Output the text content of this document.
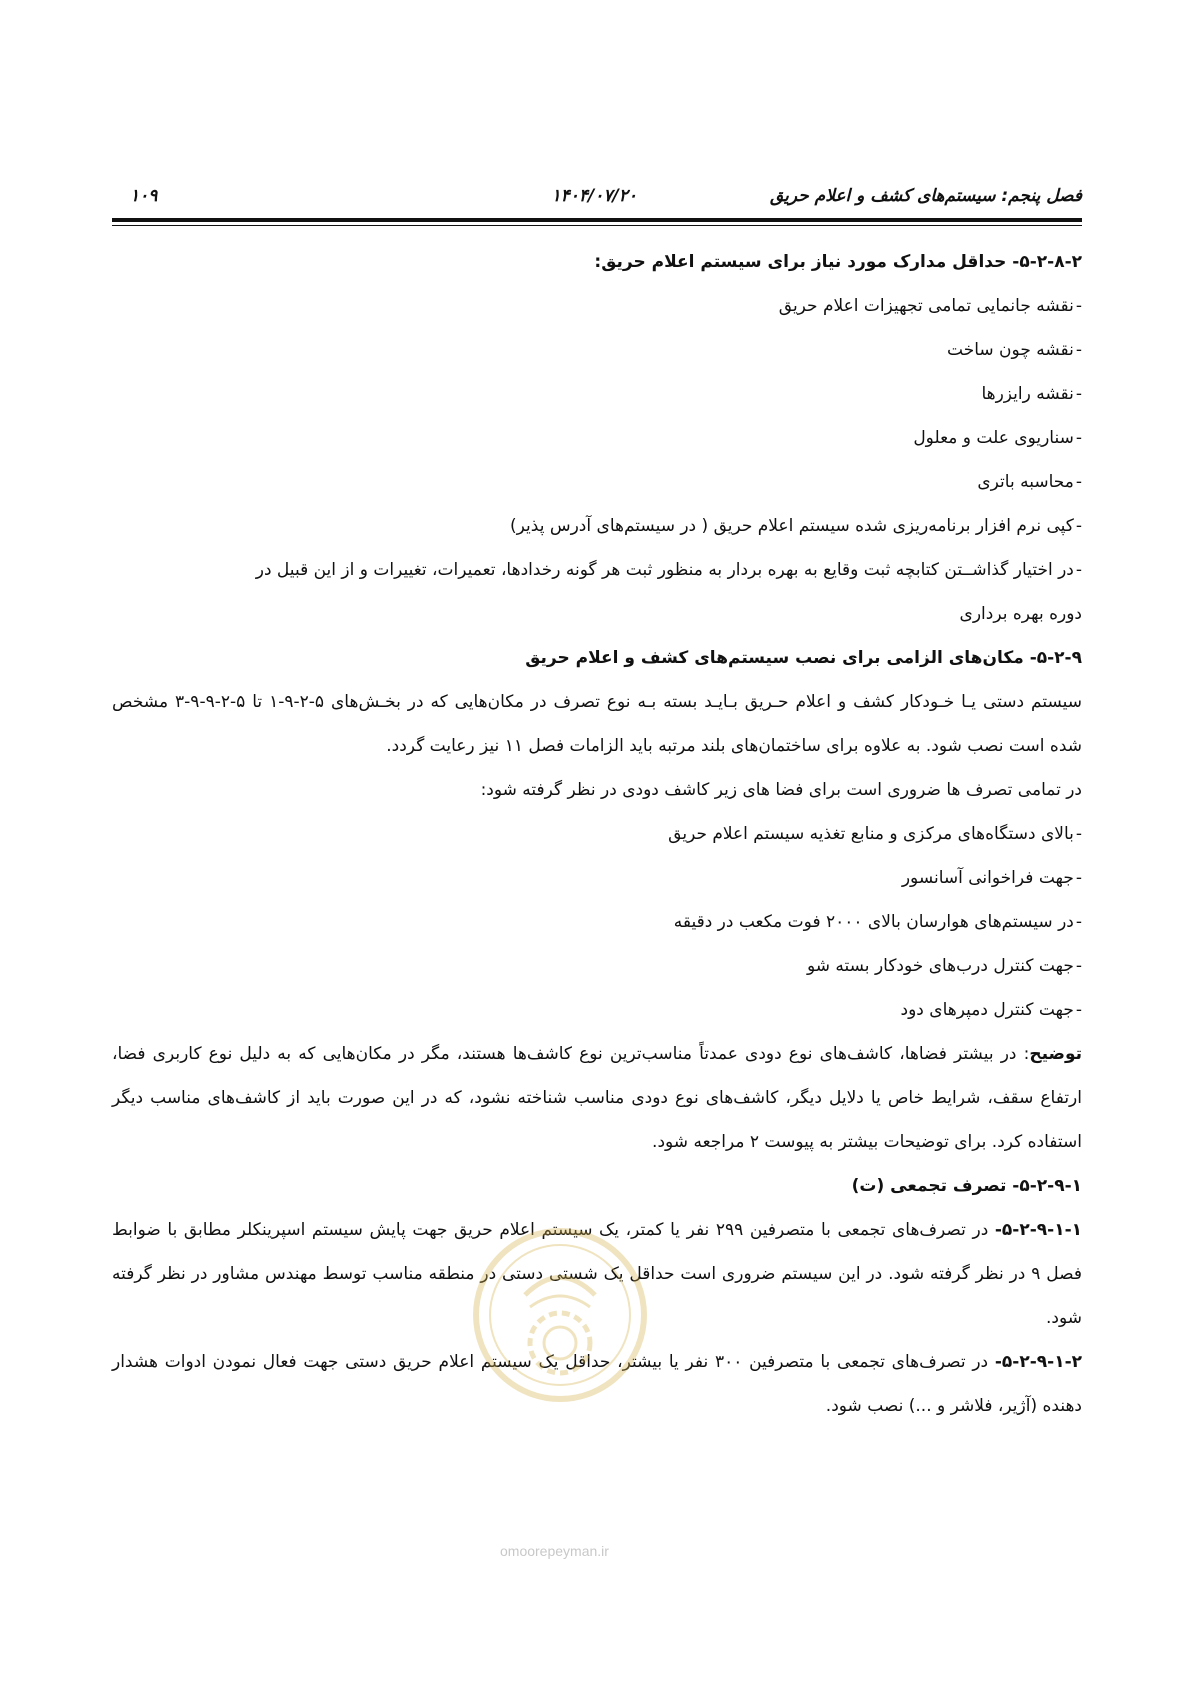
فصل پنجم: سیستم‌های کشف و اعلام حریق
۱۴۰۴/۰۷/۲۰
۱۰۹
۵-۲-۸-۲- حداقل مدارک مورد نیاز برای سیستم اعلام حریق:
-نقشه جانمایی تمامی تجهیزات اعلام حریق
-نقشه چون ساخت
-نقشه رایزرها
-سناریوی علت و معلول
-محاسبه باتری
-کپی نرم افزار برنامه‌ریزی شده سیستم اعلام حریق ( در سیستم‌های آدرس پذیر)
-در اختیار گذاشــتن کتابچه ثبت وقایع به بهره بردار به منظور ثبت هر گونه رخدادها، تعمیرات، تغییرات و از این قبیل در
دوره بهره برداری
۵-۲-۹- مکان‌های الزامی برای نصب سیستم‌های کشف و اعلام حریق
سیستم دستی یـا خـودکار کشف و اعلام حـریق بـایـد بسته بـه نوع تصرف در مکان‌هایی که در بخـش‌های ۵-۲-۹-۱ تا ۵-۲-۹-۹-۳ مشخص شده است نصب شود. به علاوه برای ساختمان‌های بلند مرتبه باید الزامات فصل ۱۱ نیز رعایت گردد.
در تمامی تصرف ها ضروری است برای فضا های زیر کاشف دودی در نظر گرفته شود:
-بالای دستگاه‌های مرکزی و منابع تغذیه سیستم اعلام حریق
-جهت فراخوانی آسانسور
-در سیستم‌های هوارسان بالای ۲۰۰۰ فوت مکعب در دقیقه
-جهت کنترل درب‌های خودکار بسته شو
-جهت کنترل دمپرهای دود
توضیح: در بیشتر فضاها، کاشف‌های نوع دودی عمدتاً مناسب‌ترین نوع کاشف‌ها هستند، مگر در مکان‌هایی که به دلیل نوع کاربری فضا، ارتفاع سقف، شرایط خاص یا دلایل دیگر، کاشف‌های نوع دودی مناسب شناخته نشود، که در این صورت باید از کاشف‌های مناسب دیگر استفاده کرد. برای توضیحات بیشتر به پیوست ۲ مراجعه شود.
۵-۲-۹-۱- تصرف تجمعی (ت)
۵-۲-۹-۱-۱- در تصرف‌های تجمعی با متصرفین ۲۹۹ نفر یا کمتر، یک سیستم اعلام حریق جهت پایش سیستم اسپرینکلر مطابق با ضوابط فصل ۹ در نظر گرفته شود. در این سیستم ضروری است حداقل یک شستی دستی در منطقه مناسب توسط مهندس مشاور در نظر گرفته شود.
۵-۲-۹-۱-۲- در تصرف‌های تجمعی با متصرفین ۳۰۰ نفر یا بیشتر، حداقل یک سیستم اعلام حریق دستی جهت فعال نمودن ادوات هشدار دهنده (آژیر، فلاشر و ...) نصب شود.
omoorepeyman.ir
